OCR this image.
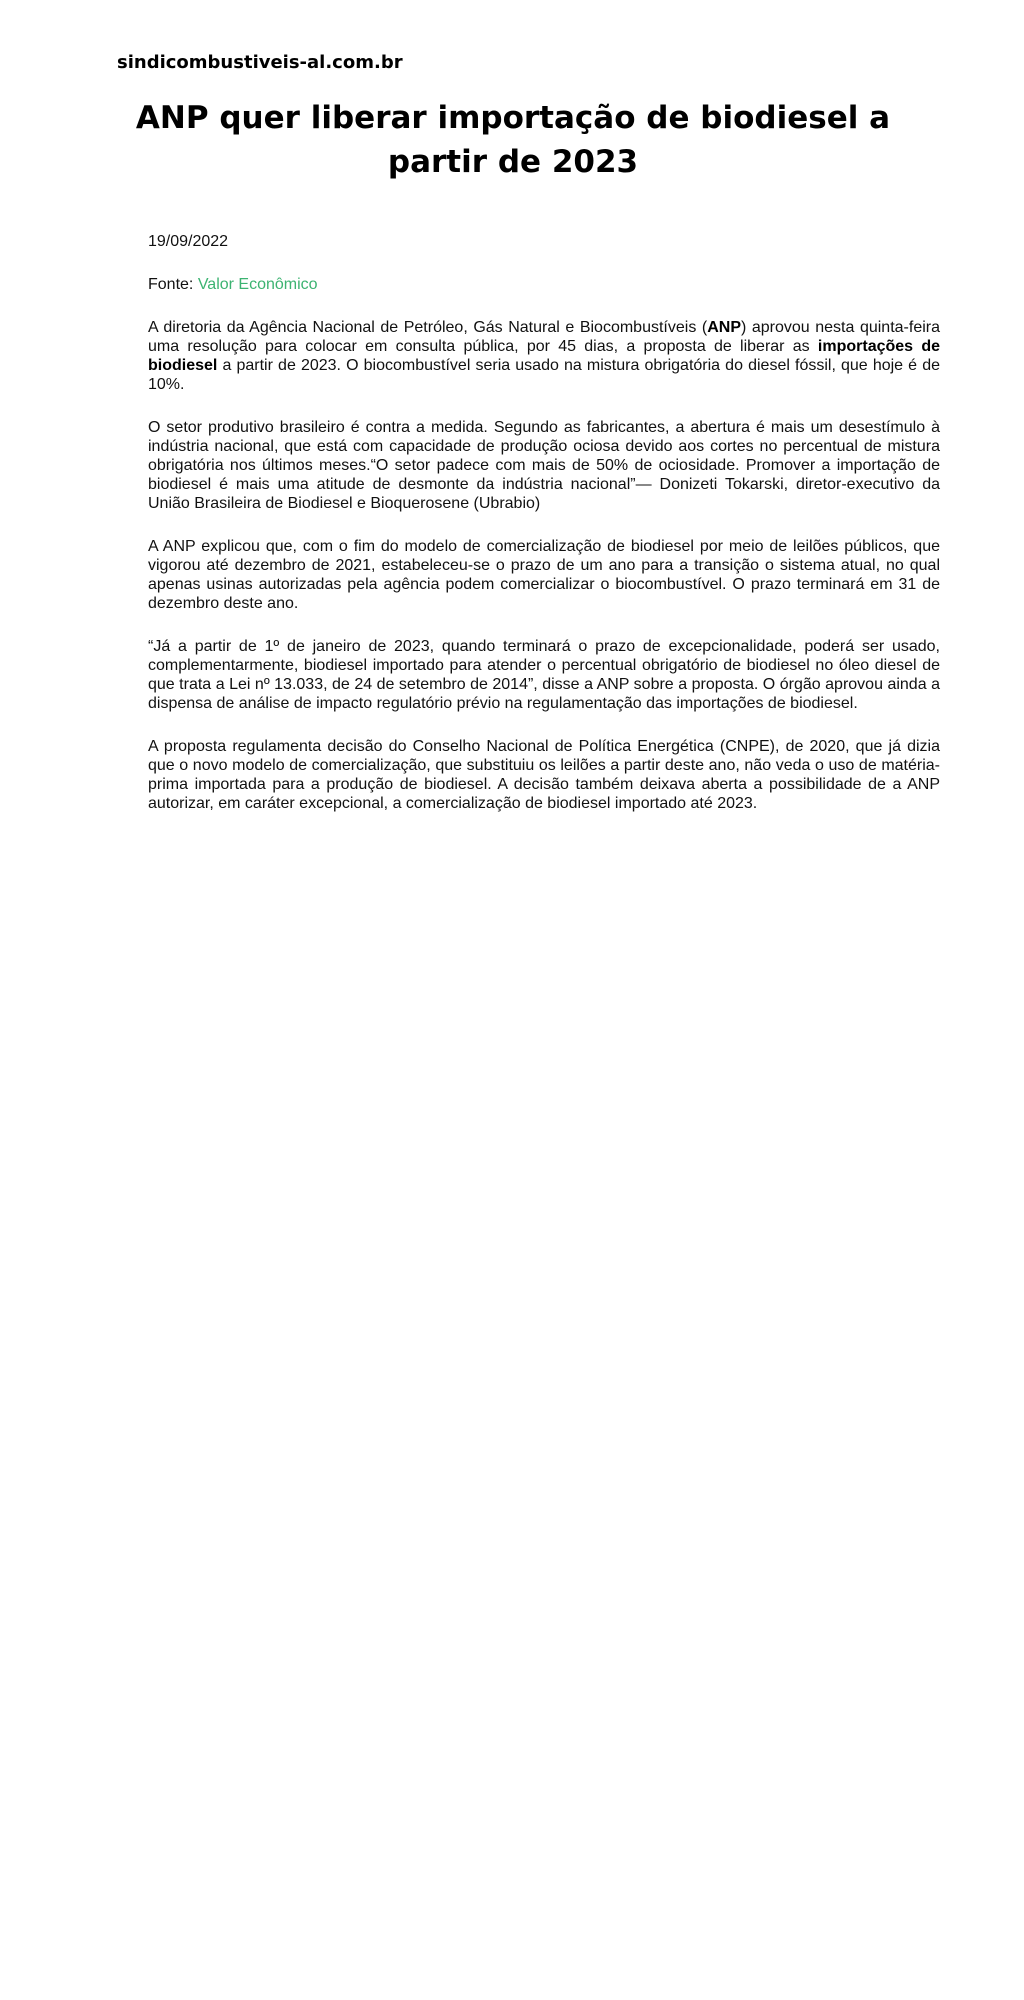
sindicombustiveis-al.com.br
ANP quer liberar importação de biodiesel a partir de 2023
19/09/2022
Fonte: Valor Econômico

A diretoria da Agência Nacional de Petróleo, Gás Natural e Biocombustíveis (ANP) aprovou nesta quinta-feira uma resolução para colocar em consulta pública, por 45 dias, a proposta de liberar as importações de biodiesel a partir de 2023. O biocombustível seria usado na mistura obrigatória do diesel fóssil, que hoje é de 10%.

O setor produtivo brasileiro é contra a medida. Segundo as fabricantes, a abertura é mais um desestímulo à indústria nacional, que está com capacidade de produção ociosa devido aos cortes no percentual de mistura obrigatória nos últimos meses.“O setor padece com mais de 50% de ociosidade. Promover a importação de biodiesel é mais uma atitude de desmonte da indústria nacional”— Donizeti Tokarski, diretor-executivo da União Brasileira de Biodiesel e Bioquerosene (Ubrabio)

A ANP explicou que, com o fim do modelo de comercialização de biodiesel por meio de leilões públicos, que vigorou até dezembro de 2021, estabeleceu-se o prazo de um ano para a transição o sistema atual, no qual apenas usinas autorizadas pela agência podem comercializar o biocombustível. O prazo terminará em 31 de dezembro deste ano.

“Já a partir de 1º de janeiro de 2023, quando terminará o prazo de excepcionalidade, poderá ser usado, complementarmente, biodiesel importado para atender o percentual obrigatório de biodiesel no óleo diesel de que trata a Lei nº 13.033, de 24 de setembro de 2014”, disse a ANP sobre a proposta. O órgão aprovou ainda a dispensa de análise de impacto regulatório prévio na regulamentação das importações de biodiesel.

A proposta regulamenta decisão do Conselho Nacional de Política Energética (CNPE), de 2020, que já dizia que o novo modelo de comercialização, que substituiu os leilões a partir deste ano, não veda o uso de matéria-prima importada para a produção de biodiesel. A decisão também deixava aberta a possibilidade de a ANP autorizar, em caráter excepcional, a comercialização de biodiesel importado até 2023.
